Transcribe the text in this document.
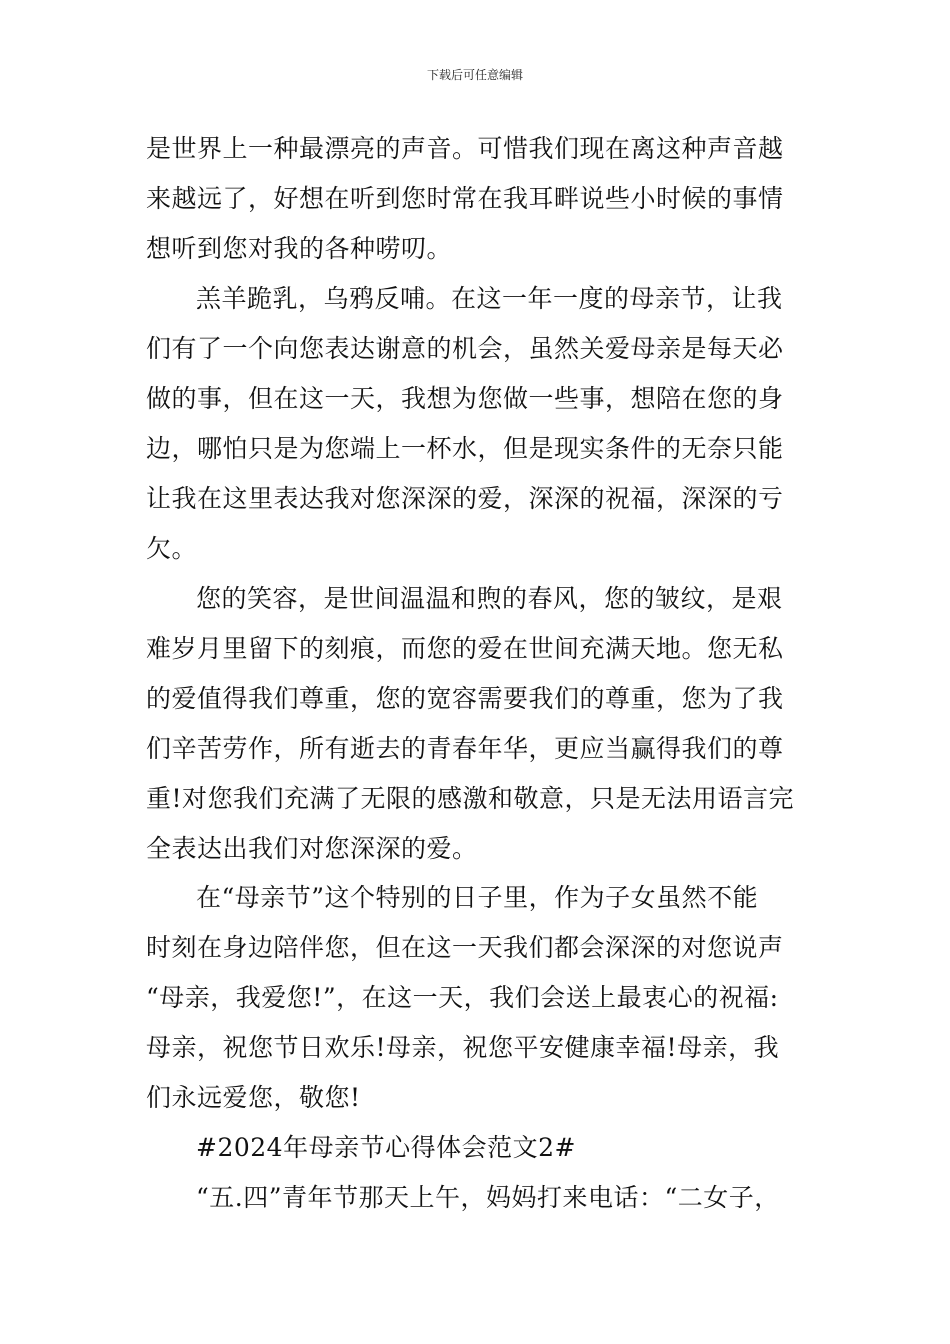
下载后可任意编辑
是世界上一种最漂亮的声音。可惜我们现在离这种声音越
来越远了，好想在听到您时常在我耳畔说些小时候的事情
想听到您对我的各种唠叨。
羔羊跪乳，乌鸦反哺。在这一年一度的母亲节，让我
们有了一个向您表达谢意的机会，虽然关爱母亲是每天必
做的事，但在这一天，我想为您做一些事，想陪在您的身
边，哪怕只是为您端上一杯水，但是现实条件的无奈只能
让我在这里表达我对您深深的爱，深深的祝福，深深的亏
欠。
您的笑容，是世间温温和煦的春风，您的皱纹，是艰
难岁月里留下的刻痕，而您的爱在世间充满天地。您无私
的爱值得我们尊重，您的宽容需要我们的尊重，您为了我
们辛苦劳作，所有逝去的青春年华，更应当赢得我们的尊
重!对您我们充满了无限的感激和敬意，只是无法用语言完
全表达出我们对您深深的爱。
在“母亲节”这个特别的日子里，作为子女虽然不能
时刻在身边陪伴您，但在这一天我们都会深深的对您说声
“母亲，我爱您!”，在这一天，我们会送上最衷心的祝福:
母亲，祝您节日欢乐!母亲，祝您平安健康幸福!母亲，我
们永远爱您，敬您!
#2024年母亲节心得体会范文2#
“五.四”青年节那天上午，妈妈打来电话：“二女子，
